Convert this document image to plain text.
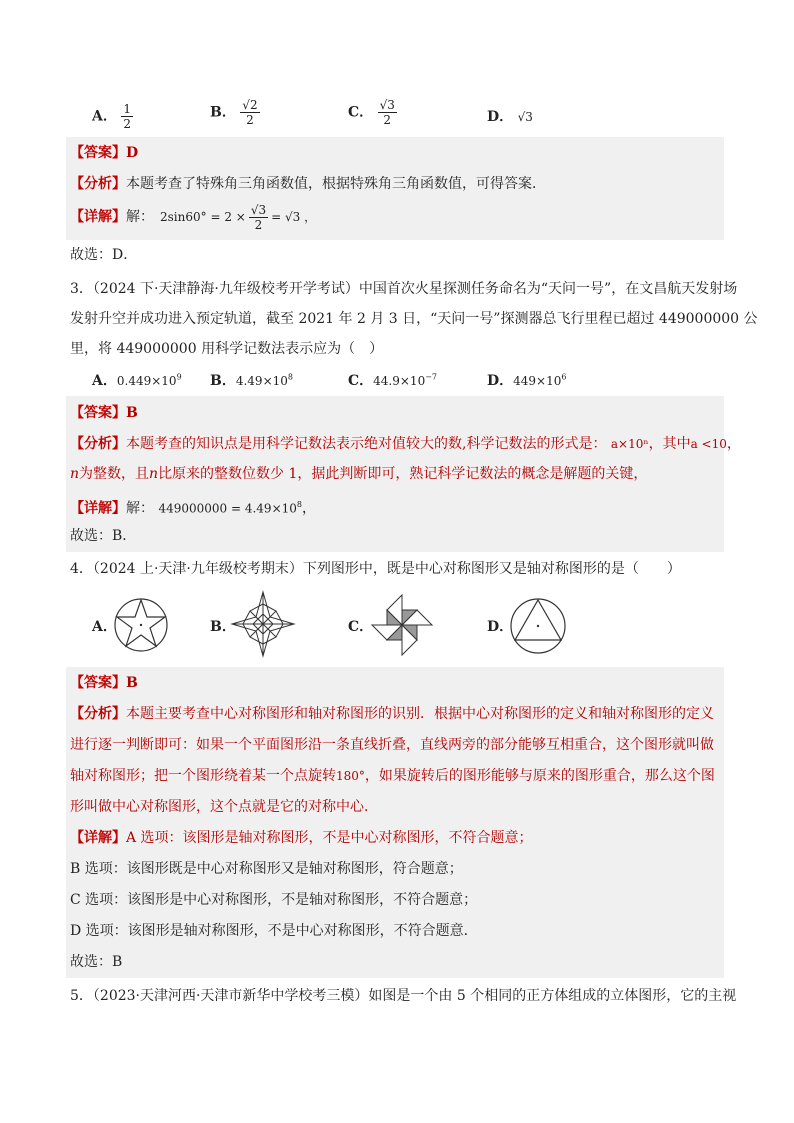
A． $\frac{1}{2}$	B． $\frac{√2}{2}$	C． $\frac{√3}{2}$	D． √3
【答案】D
【分析】本题考查了特殊角三角函数值，根据特殊角三角函数值，可得答案．
【详解】 解： $2\sin 60^\circ = 2 \times \frac{√3}{2} = √3$ ，
故选：D．
3．（2024 下·天津静海·九年级校考开学考试）中国首次火星探测任务命名为“天问一号”，在文昌航天发射场
发射升空并成功进入预定轨道，截至 2021 年 2 月 3 日，“天问一号”探测器总飞行里程已超过 449000000 公
里，将 449000000 用科学记数法表示应为（　）
A．$0.449\times 10^9$ B．$4.49\times 10^8$	C．$44.9\times 10^{-7}$	D．$449\times 10^6$
【答案】B
【分析】本题考查的知识点是用科学记数法表示绝对值较大的数,科学记数法的形式是： a×10ⁿ，其中a <10，
n为整数，且n比原来的整数位数少 1，据此判断即可，熟记科学记数法的概念是解题的关键，
【详解】解： $449000000 = 4.49\times 10^8$，
故选：B．
4．（2024 上·天津·九年级校考期末）下列图形中，既是中心对称图形又是轴对称图形的是（　　）
A．	B．	C．	D．
【答案】B
【分析】本题主要考查中心对称图形和轴对称图形的识别．根据中心对称图形的定义和轴对称图形的定义
进行逐一判断即可：如果一个平面图形沿一条直线折叠，直线两旁的部分能够互相重合，这个图形就叫做
轴对称图形；把一个图形绕着某一个点旋转180°，如果旋转后的图形能够与原来的图形重合，那么这个图
形叫做中心对称图形，这个点就是它的对称中心．
【详解】A 选项：该图形是轴对称图形，不是中心对称图形，不符合题意；
B 选项：该图形既是中心对称图形又是轴对称图形，符合题意；
C 选项：该图形是中心对称图形，不是轴对称图形，不符合题意；
D 选项：该图形是轴对称图形，不是中心对称图形，不符合题意．
故选：B
5．（2023·天津河西·天津市新华中学校考三模）如图是一个由 5 个相同的正方体组成的立体图形，它的主视
